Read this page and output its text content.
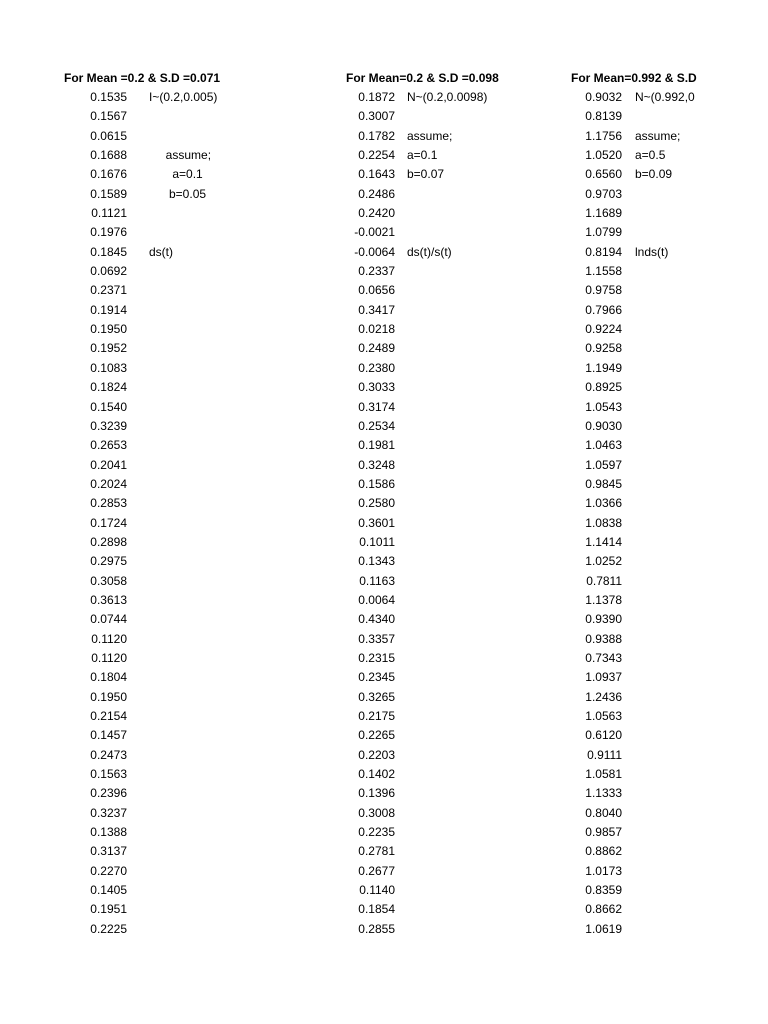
For Mean =0.2 & S.D =0.071
0.1535
0.1567
0.0615
0.1688
0.1676
0.1589
0.1121
0.1976
0.1845
0.0692
0.2371
0.1914
0.1950
0.1952
0.1083
0.1824
0.1540
0.3239
0.2653
0.2041
0.2024
0.2853
0.1724
0.2898
0.2975
0.3058
0.3613
0.0744
0.1120
0.1120
0.1804
0.1950
0.2154
0.1457
0.2473
0.1563
0.2396
0.3237
0.1388
0.3137
0.2270
0.1405
0.1951
0.2225
I~(0.2,0.005)
assume;
a=0.1
b=0.05
ds(t)
For Mean=0.2 & S.D =0.098
0.1872
0.3007
0.1782
0.2254
0.1643
0.2486
0.2420
-0.0021
-0.0064
0.2337
0.0656
0.3417
0.0218
0.2489
0.2380
0.3033
0.3174
0.2534
0.1981
0.3248
0.1586
0.2580
0.3601
0.1011
0.1343
0.1163
0.0064
0.4340
0.3357
0.2315
0.2345
0.3265
0.2175
0.2265
0.2203
0.1402
0.1396
0.3008
0.2235
0.2781
0.2677
0.1140
0.1854
0.2855
N~(0.2,0.0098)
assume;
a=0.1
b=0.07
ds(t)/s(t)
For Mean=0.992 & S.D
0.9032
0.8139
1.1756
1.0520
0.6560
0.9703
1.1689
1.0799
0.8194
1.1558
0.9758
0.7966
0.9224
0.9258
1.1949
0.8925
1.0543
0.9030
1.0463
1.0597
0.9845
1.0366
1.0838
1.1414
1.0252
0.7811
1.1378
0.9390
0.9388
0.7343
1.0937
1.2436
1.0563
0.6120
0.9111
1.0581
1.1333
0.8040
0.9857
0.8862
1.0173
0.8359
0.8662
1.0619
N~(0.992,0
assume;
a=0.5
b=0.09
lnds(t)
